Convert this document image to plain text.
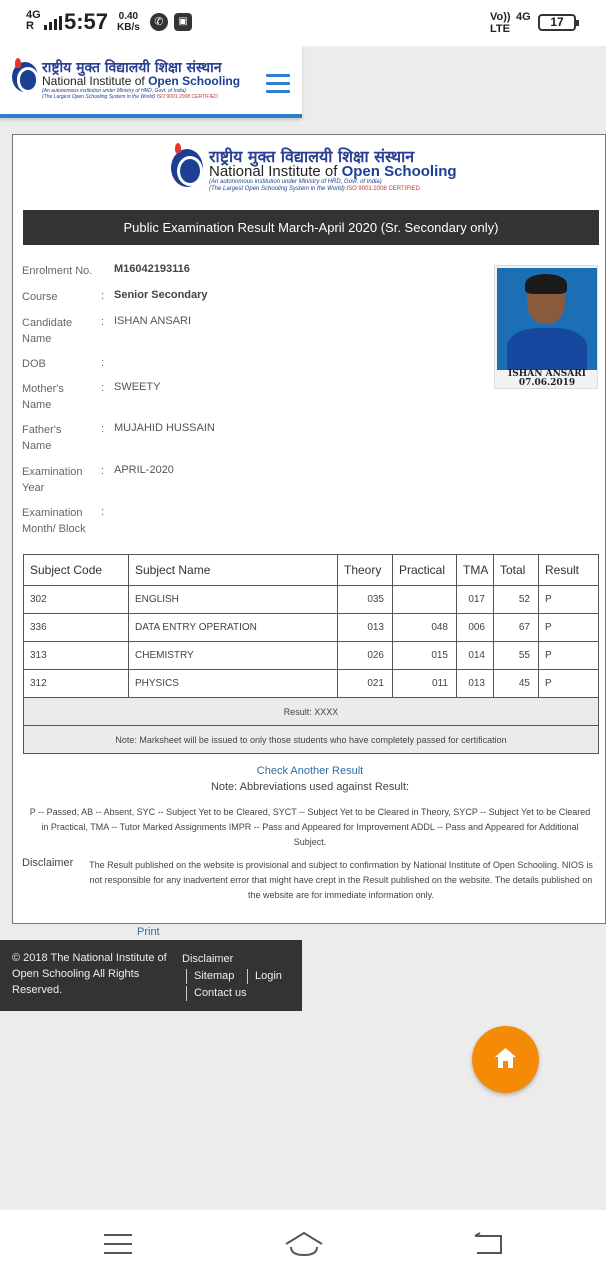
4G
R	5:57 0.40
KB/s	✆	▣	Vo)) LTE
4G	17
राष्ट्रीय मुक्त विद्यालयी शिक्षा संस्थान
National Institute of Open Schooling
(An autonomous institution under Ministry of HRD, Govt. of India)
(The Largest Open Schooling System in the World) ISO 9001:2008 CERTIFIED
राष्ट्रीय मुक्त विद्यालयी शिक्षा संस्थान
National Institute of Open Schooling
(An autonomous institution under Ministry of HRD, Govt. of India)
(The Largest Open Schooling System in the World) ISO 9001:2008 CERTIFIED
Public Examination Result March-April 2020 (Sr. Secondary only)
Enrolment No.	M16042193116
Course	: Senior Secondary
Candidate Name
: ISHAN ANSARI
DOB	:
Mother's Name
: SWEETY
Father's Name
: MUJAHID HUSSAIN
Examination Year
: APRIL-2020
Examination Month/ Block
:
ISHAN ANSARI
07.06.2019
Subject Code	Subject Name	Theory	Practical	TMA	Total	Result
302	ENGLISH	035		017	52	P
336	DATA ENTRY OPERATION	013	048	006	67	P
313	CHEMISTRY	026	015	014	55	P
312	PHYSICS	021	011	013	45	P
Result: XXXX						
Note: Marksheet will be issued to only those students who have completely passed for certification						
Check Another Result
Note: Abbreviations used against Result:
P -- Passed, AB -- Absent, SYC -- Subject Yet to be Cleared, SYCT -- Subject Yet to be Cleared in Theory, SYCP -- Subject Yet to be Cleared in Practical, TMA -- Tutor Marked Assignments IMPR -- Pass and Appeared for Improvement ADDL -- Pass and Appeared for Additional Subject.
Disclaimer	The Result published on the website is provisional and subject to confirmation by National Institute of Open Schooling. NIOS is not responsible for any inadvertent error that might have crept in the Result published on the website. The details published on the website are for immediate information only.
Print
© 2018 The National Institute of Open Schooling All Rights Reserved.
Disclaimer
Sitemap Login
Contact us
